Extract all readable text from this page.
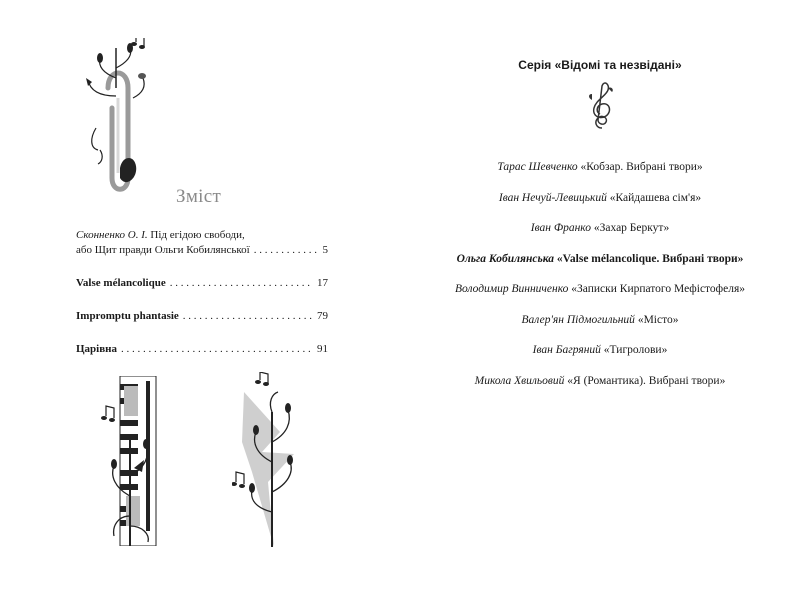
Зміст
Сконненко О. І. Під егідою свободи,
або Щит правди Ольги Кобилянської . . .	5
Valse mélancolique . . .	17
Impromptu phantasie . . .	79
Царівна . . .	91
Серія «Відомі та незвідані»
Тарас Шевченко «Кобзар. Вибрані твори»
Іван Нечуй-Левицький «Кайдашева сім'я»
Іван Франко «Захар Беркут»
Ольга Кобилянська «Valse mélancolique. Вибрані твори»
Володимир Винниченко «Записки Кирпатого Мефістофеля»
Валер'ян Підмогильний «Місто»
Іван Багряний «Тигролови»
Микола Хвильовий «Я (Романтика). Вибрані твори»
